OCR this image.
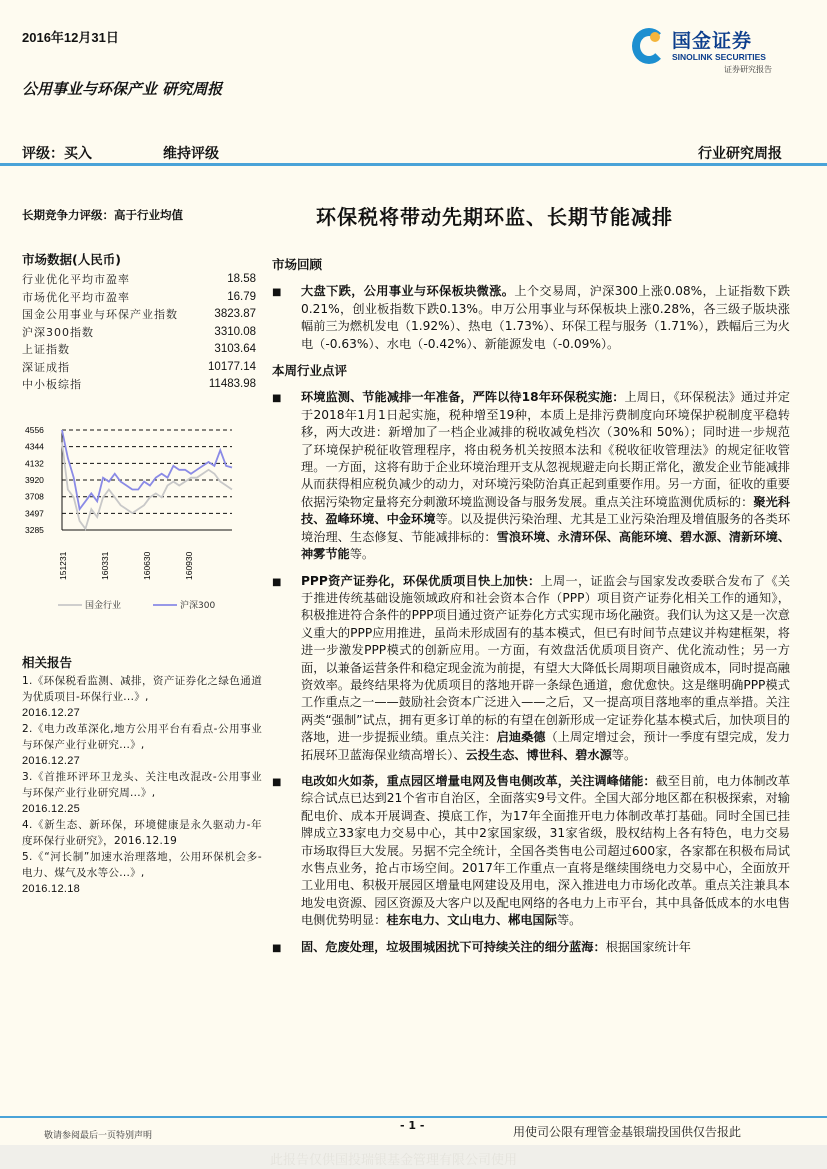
2016年12月31日	国金证券
SINOLINK SECURITIES
证券研究报告
公用事业与环保产业 研究周报
评级：买入	维持评级	行业研究周报
长期竞争力评级：高于行业均值	环保税将带动先期环监、长期节能减排
市场数据(人民币)
行业优化平均市盈率	18.58
市场优化平均市盈率	16.79
国金公用事业与环保产业指数	3823.87
沪深300指数	3310.08
上证指数	3103.64
深证成指	10177.14
中小板综指	11483.98
4556
4344
4132
3920
3708
3497
3285
151231	160331	160630	160930
国金行业	沪深300
相关报告
1.《环保税看监测、减排，资产证券化之绿色通道为优质项目-环保行业...》,
2016.12.27
2.《电力改革深化,地方公用平台有看点-公用事业与环保产业行业研究...》,
2016.12.27
3.《首推环评环卫龙头、关注电改混改-公用事业与环保产业行业研究周...》,
2016.12.25
4.《新生态、新环保，环境健康是永久驱动力-年度环保行业研究》，2016.12.19
5.《“河长制”加速水治理落地，公用环保机会多-电力、煤气及水等公...》,
2016.12.18
市场回顾
■	大盘下跌，公用事业与环保板块微涨。上个交易周，沪深300上涨0.08%，上证指数下跌0.21%，创业板指数下跌0.13%。申万公用事业与环保板块上涨0.28%，各三级子版块涨幅前三为燃机发电（1.92%）、热电（1.73%）、环保工程与服务（1.71%），跌幅后三为火电（-0.63%）、水电（-0.42%）、新能源发电（-0.09%）。
本周行业点评
■	环境监测、节能减排一年准备，严阵以待18年环保税实施：上周日，《环保税法》通过并定于2018年1月1日起实施，税种增至19种，本质上是排污费制度向环境保护税制度平稳转移，两大改进：新增加了一档企业减排的税收减免档次（30%和 50%）；同时进一步规范了环境保护税征收管理程序，将由税务机关按照本法和《税收征收管理法》的规定征收管理。一方面，这将有助于企业环境治理开支从忽视规避走向长期正常化，激发企业节能减排从而获得相应税负减少的动力，对环境污染防治真正起到重要作用。另一方面，征收的重要依据污染物定量将充分刺激环境监测设备与服务发展。重点关注环境监测优质标的：聚光科技、盈峰环境、中金环境等。以及提供污染治理、尤其是工业污染治理及增值服务的各类环境治理、生态修复、节能减排标的：雪浪环境、永清环保、高能环境、碧水源、清新环境、神雾节能等。
■	PPP资产证券化，环保优质项目快上加快：上周一，证监会与国家发改委联合发布了《关于推进传统基础设施领域政府和社会资本合作（PPP）项目资产证券化相关工作的通知》，积极推进符合条件的PPP项目通过资产证券化方式实现市场化融资。我们认为这又是一次意义重大的PPP应用推进，虽尚未形成固有的基本模式，但已有时间节点建议并构建框架，将进一步激发PPP模式的创新应用。一方面，有效盘活优质项目资产、优化流动性；另一方面，以兼备运营条件和稳定现金流为前提，有望大大降低长周期项目融资成本，同时提高融资效率。最终结果将为优质项目的落地开辟一条绿色通道，愈优愈快。这是继明确PPP模式工作重点之一——鼓励社会资本广泛进入——之后，又一提高项目落地率的重点举措。关注两类“强制”试点，拥有更多订单的标的有望在创新形成一定证券化基本模式后，加快项目的落地，进一步提振业绩。重点关注：启迪桑德（上周定增过会，预计一季度有望完成，发力拓展环卫蓝海保业绩高增长）、云投生态、博世科、碧水源等。
■	电改如火如荼，重点园区增量电网及售电侧改革，关注调峰储能：截至目前，电力体制改革综合试点已达到21个省市自治区，全面落实9号文件。全国大部分地区都在积极探索，对输配电价、成本开展调查、摸底工作，为17年全面推开电力体制改革打基础。同时全国已挂牌成立33家电力交易中心，其中2家国家级，31家省级，股权结构上各有特色，电力交易市场取得巨大发展。另据不完全统计，全国各类售电公司超过600家，各家都在积极布局试水售点业务，抢占市场空间。2017年工作重点一直将是继续围绕电力交易中心，全面放开工业用电、积极开展园区增量电网建设及用电，深入推进电力市场化改革。重点关注兼具本地发电资源、园区资源及大客户以及配电网络的各电力上市平台，其中具备低成本的水电售电侧优势明显：桂东电力、文山电力、郴电国际等。
■	固、危废处理，垃圾围城困扰下可持续关注的细分蓝海：根据国家统计年
- 1 -
敬请参阅最后一页特别声明	用使司公限有理管金基银瑞投国供仅告报此
此报告仅供国投瑞银基金管理有限公司使用
